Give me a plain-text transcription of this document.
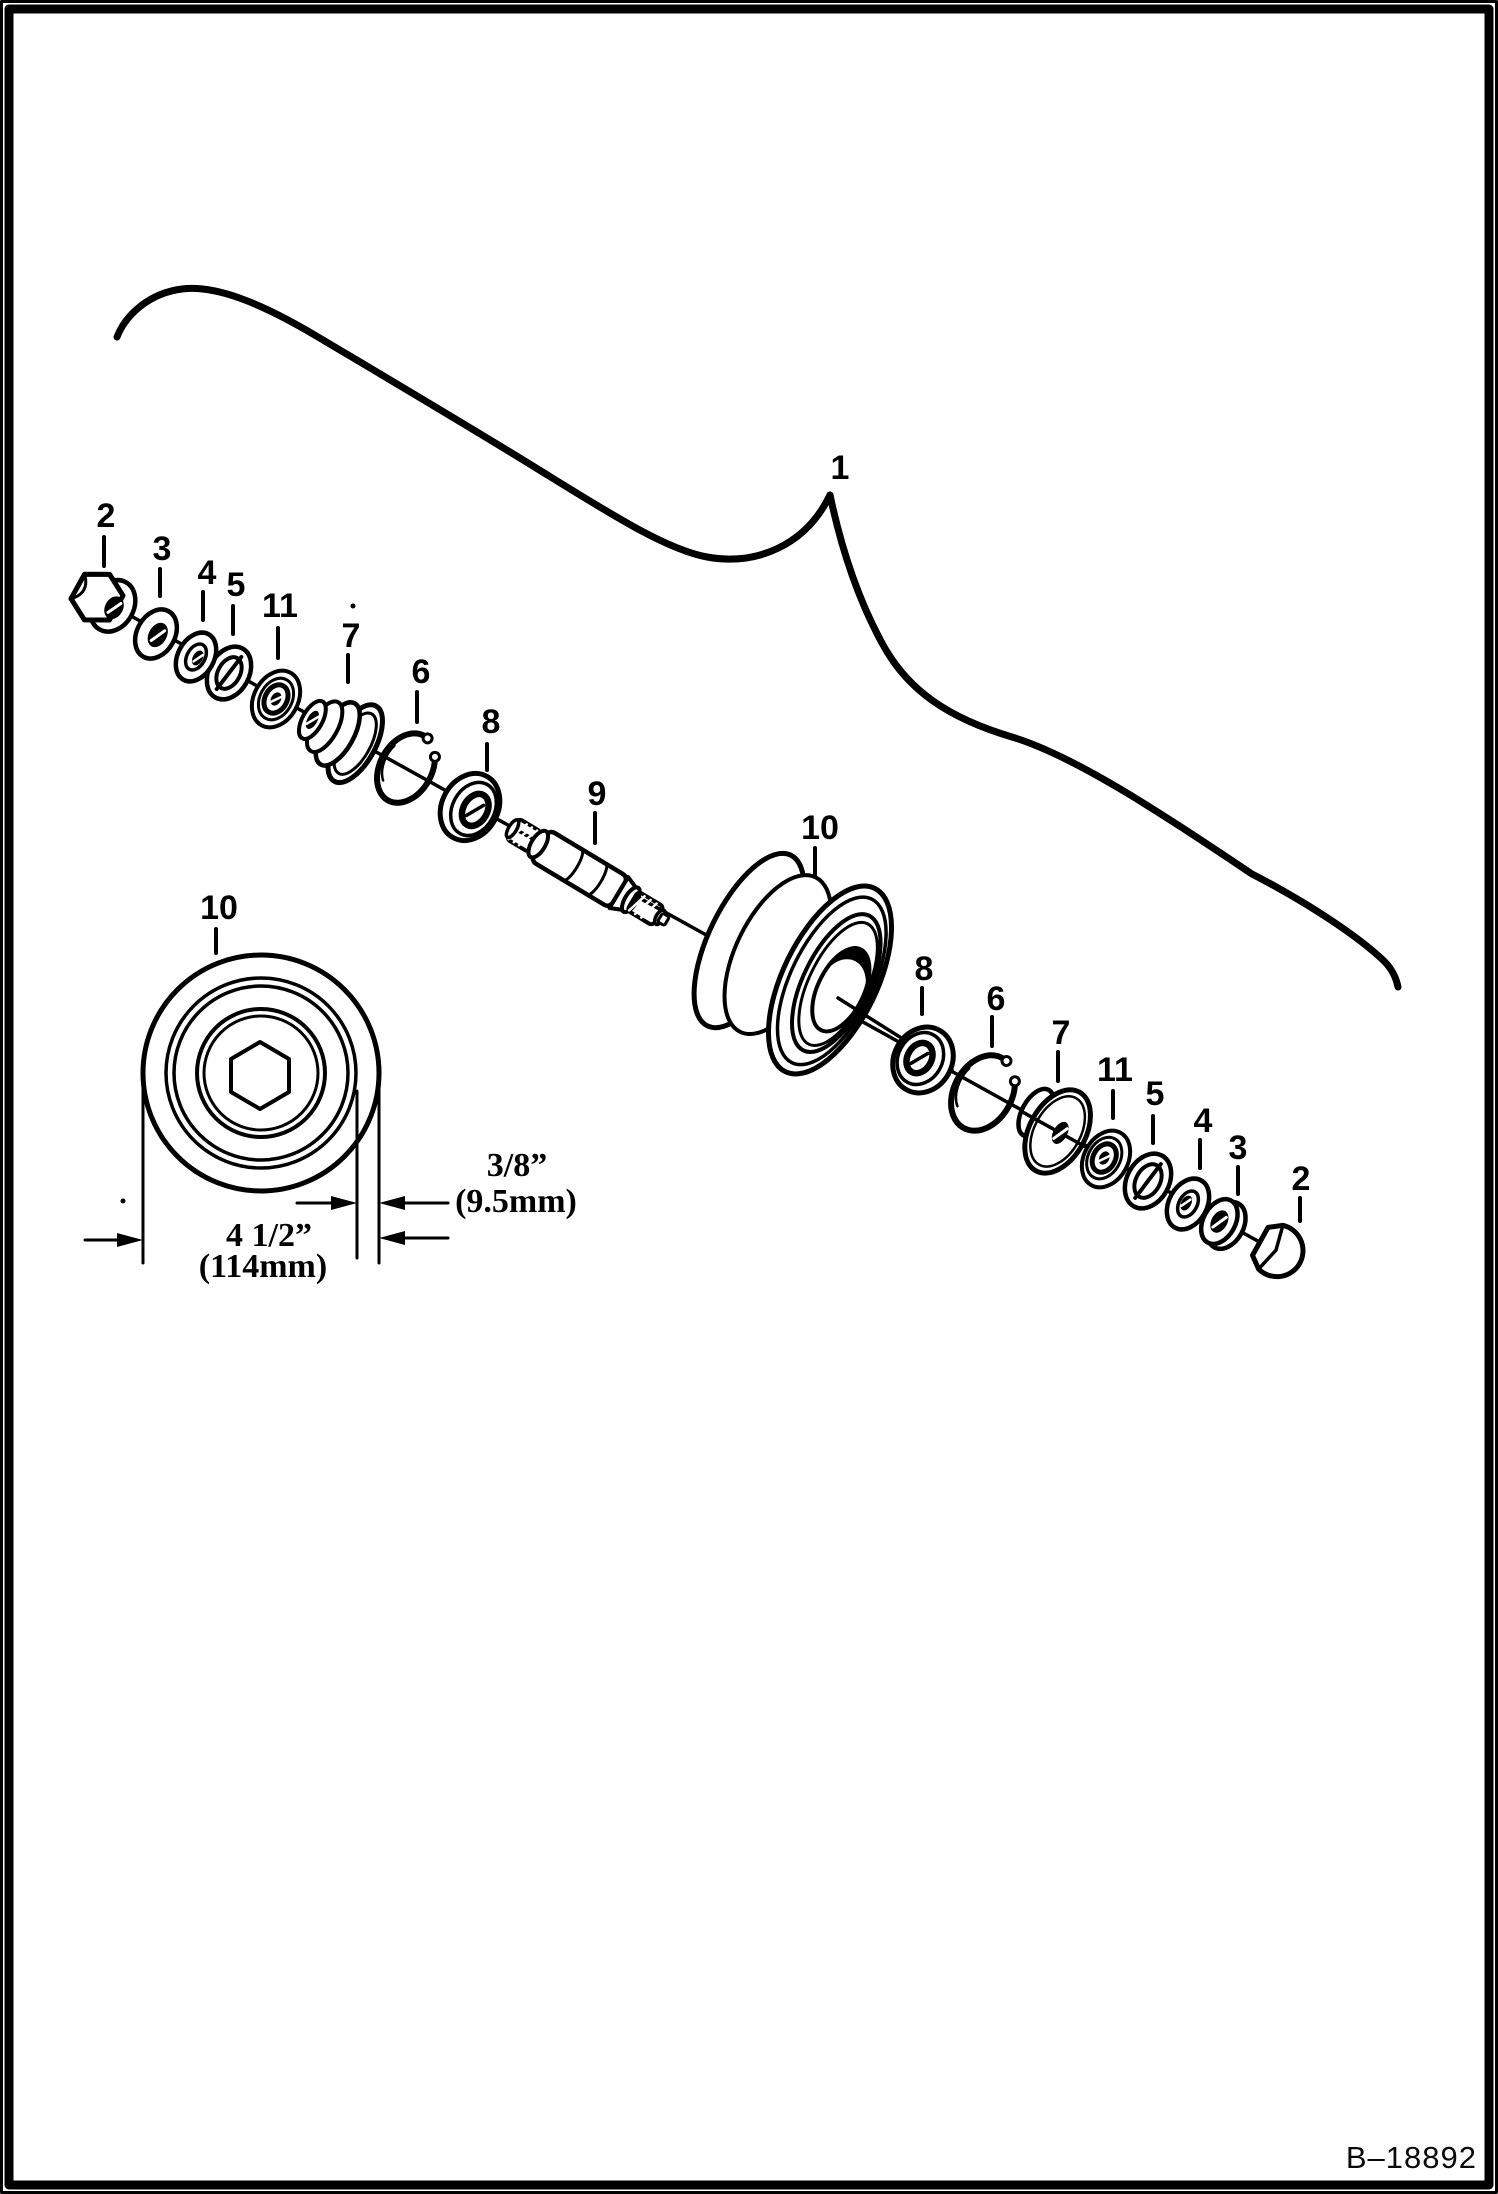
3/8”
(9.5mm)
4 1/2”
(114mm)
1
2
3
4 5
11
7
6
8
9
10
8
6
7
11
5
4
3
2
10
B–18892
